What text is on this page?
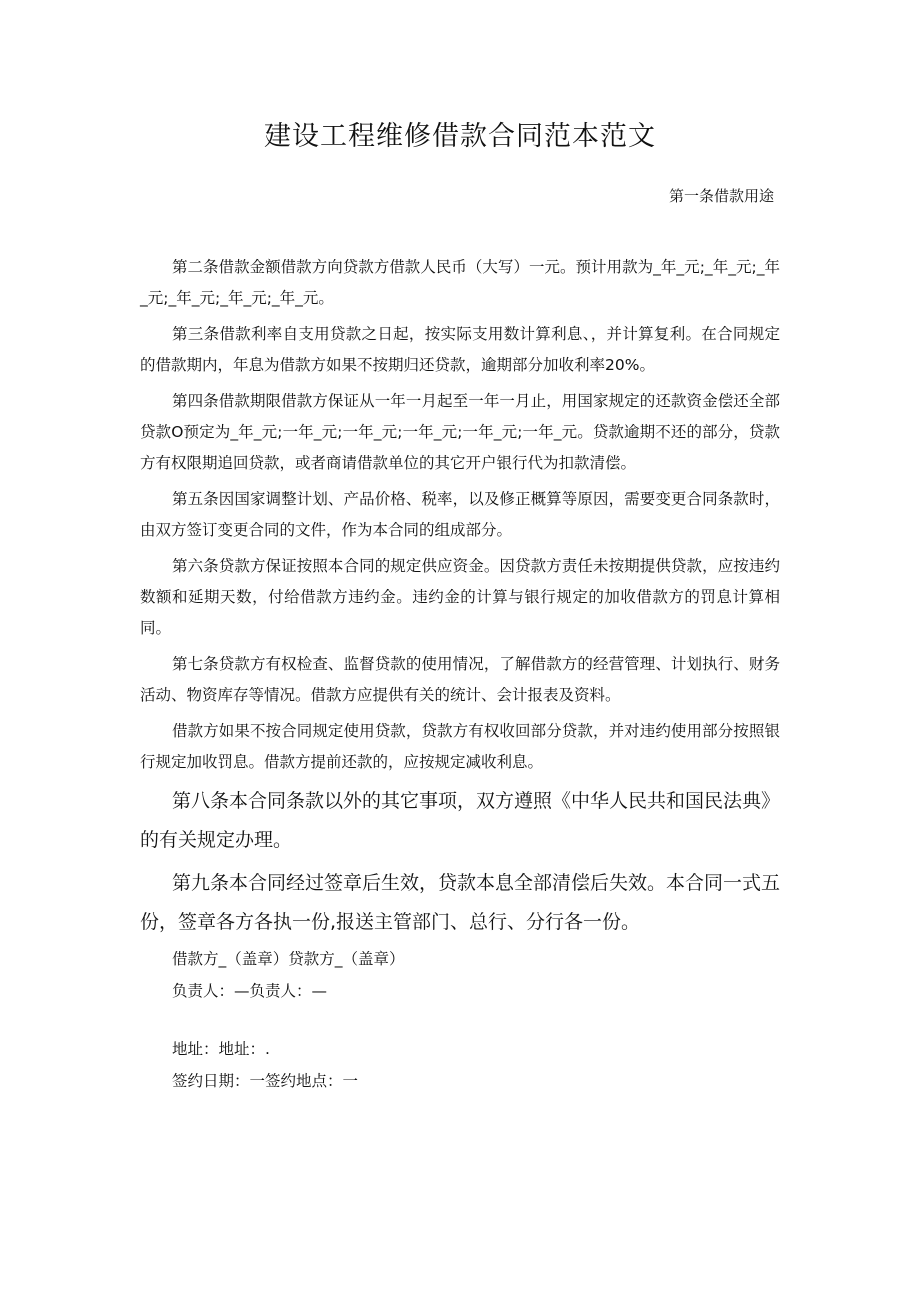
建设工程维修借款合同范本范文

第一条借款用途

第二条借款金额借款方向贷款方借款人民币（大写）一元。预计用款为_年_元;_年_元;_年_元;_年_元;_年_元;_年_元。

第三条借款利率自支用贷款之日起，按实际支用数计算利息、，并计算复利。在合同规定的借款期内，年息为借款方如果不按期归还贷款，逾期部分加收利率20%。

第四条借款期限借款方保证从一年一月起至一年一月止，用国家规定的还款资金偿还全部贷款O预定为_年_元;一年_元;一年_元;一年_元;一年_元;一年_元。贷款逾期不还的部分，贷款方有权限期追回贷款，或者商请借款单位的其它开户银行代为扣款清偿。

第五条因国家调整计划、产品价格、税率，以及修正概算等原因，需要变更合同条款时，由双方签订变更合同的文件，作为本合同的组成部分。

第六条贷款方保证按照本合同的规定供应资金。因贷款方责任未按期提供贷款，应按违约数额和延期天数，付给借款方违约金。违约金的计算与银行规定的加收借款方的罚息计算相同。

第七条贷款方有权检查、监督贷款的使用情况，了解借款方的经营管理、计划执行、财务活动、物资库存等情况。借款方应提供有关的统计、会计报表及资料。

借款方如果不按合同规定使用贷款，贷款方有权收回部分贷款，并对违约使用部分按照银行规定加收罚息。借款方提前还款的，应按规定减收利息。

第八条本合同条款以外的其它事项，双方遵照《中华人民共和国民法典》的有关规定办理。

第九条本合同经过签章后生效，贷款本息全部清偿后失效。本合同一式五份，签章各方各执一份,报送主管部门、总行、分行各一份。

借款方_（盖章）贷款方_（盖章）

负责人：—负责人：—

地址：地址：.

签约日期：一签约地点：一
